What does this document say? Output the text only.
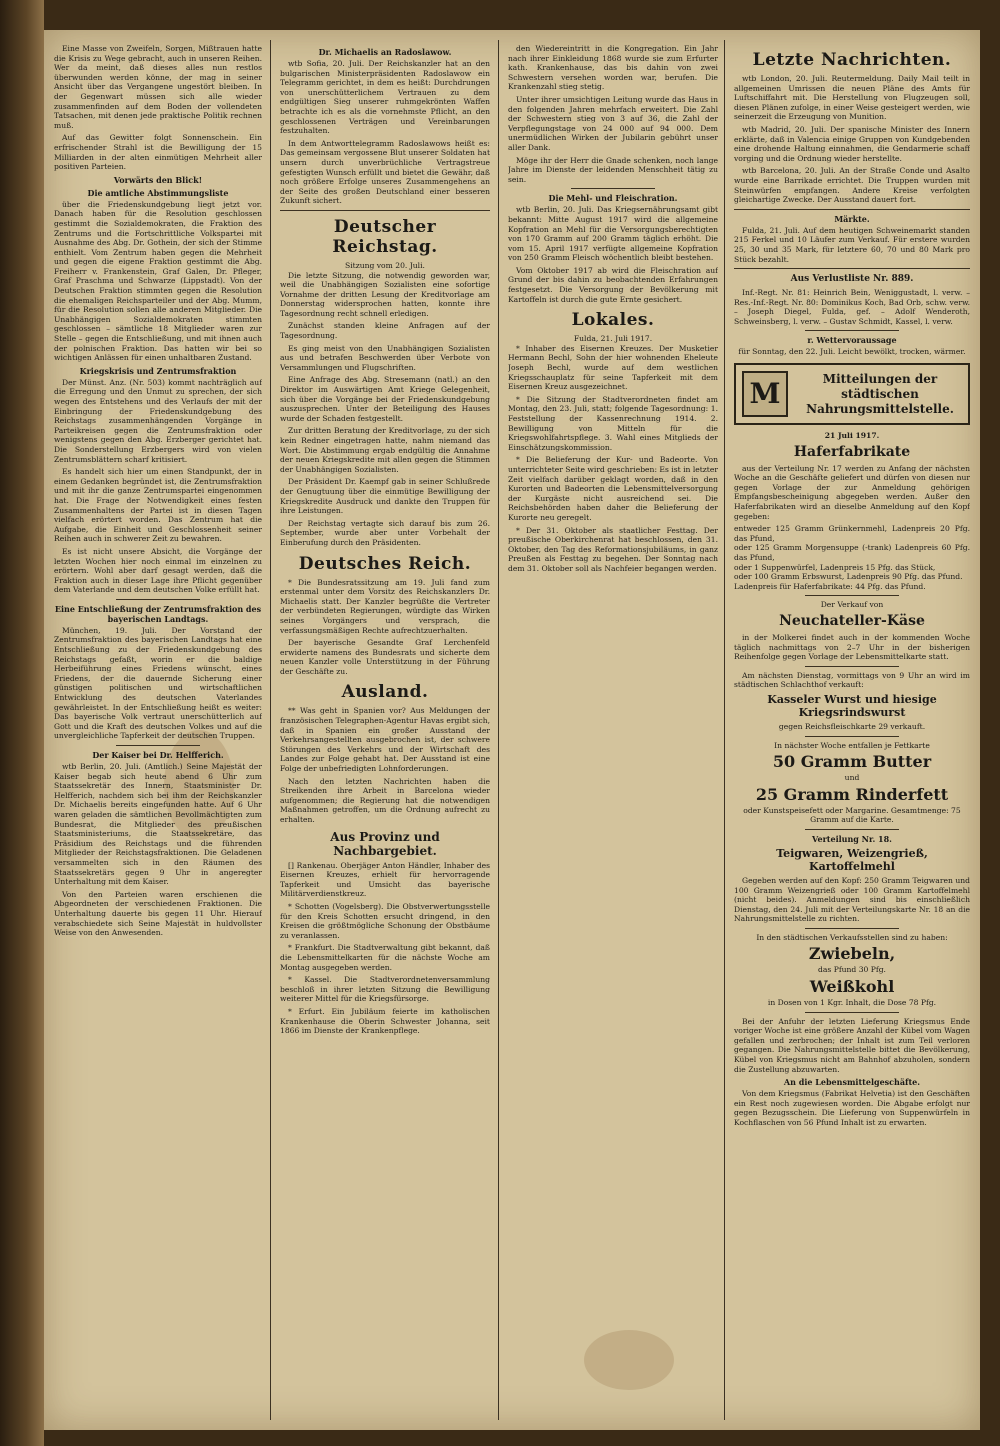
Eine Masse von Zweifeln, Sorgen, Mißtrauen hatte die Krisis zu Wege gebracht, auch in unseren Reihen. Wer da meint, daß dieses alles nun restlos überwunden werden könne, der mag in seiner Ansicht über das Vergangene ungestört bleiben. In der Gegenwart müssen sich alle wieder zusammenfinden auf dem Boden der vollendeten Tatsachen, mit denen jede praktische Politik rechnen muß.

Auf das Gewitter folgt Sonnenschein. Ein erfrischender Strahl ist die Bewilligung der 15 Milliarden in der alten einmütigen Mehrheit aller positiven Parteien.

Vorwärts den Blick!
Die amtliche Abstimmungsliste

über die Friedenskundgebung liegt jetzt vor. Danach haben für die Resolution geschlossen gestimmt die Sozialdemokraten, die Fraktion des Zentrums und die Fortschrittliche Volkspartei mit Ausnahme des Abg. Dr. Gothein, der sich der Stimme enthielt. Vom Zentrum haben gegen die Mehrheit und gegen die eigene Fraktion gestimmt die Abg. Freiherr v. Frankenstein, Graf Galen, Dr. Pfleger, Graf Praschma und Schwarze (Lippstadt). Von der Deutschen Fraktion stimmten gegen die Resolution die ehemaligen Reichsparteiler und der Abg. Mumm, für die Resolution sollen alle anderen Mitglieder. Die Unabhängigen Sozialdemokraten stimmten geschlossen – sämtliche 18 Mitglieder waren zur Stelle – gegen die Entschließung, und mit ihnen auch der polnischen Fraktion. Das hatten wir bei so wichtigen Anlässen für einen unhaltbaren Zustand.

Kriegskrisis und Zentrumsfraktion

Der Münst. Anz. (Nr. 503) kommt nachträglich auf die Erregung und den Unmut zu sprechen, der sich wegen des Entstehens und des Verlaufs der mit der Einbringung der Friedenskundgebung des Reichstags zusammenhängenden Vorgänge in Parteikreisen gegen die Zentrumsfraktion oder wenigstens gegen den Abg. Erzberger gerichtet hat. Die Sonderstellung Erzbergers wird von vielen Zentrumsblättern scharf kritisiert.

Es handelt sich hier um einen Standpunkt, der in einem Gedanken begründet ist, die Zentrumsfraktion und mit ihr die ganze Zentrumspartei eingenommen hat. Die Frage der Notwendigkeit eines festen Zusammenhaltens der Partei ist in diesen Tagen vielfach erörtert worden. Das Zentrum hat die Aufgabe, die Einheit und Geschlossenheit seiner Reihen auch in schwerer Zeit zu bewahren.

Es ist nicht unsere Absicht, die Vorgänge der letzten Wochen hier noch einmal im einzelnen zu erörtern. Wohl aber darf gesagt werden, daß die Fraktion auch in dieser Lage ihre Pflicht gegenüber dem Vaterlande und dem deutschen Volke erfüllt hat.

Eine Entschließung der Zentrumsfraktion des bayerischen Landtags.

München, 19. Juli. Der Vorstand der Zentrumsfraktion des bayerischen Landtags hat eine Entschließung zu der Friedenskundgebung des Reichstags gefaßt, worin er die baldige Herbeiführung eines Friedens wünscht, eines Friedens, der die dauernde Sicherung einer günstigen politischen und wirtschaftlichen Entwicklung des deutschen Vaterlandes gewährleistet. In der Entschließung heißt es weiter: Das bayerische Volk vertraut unerschütterlich auf Gott und die Kraft des deutschen Volkes und auf die unvergleichliche Tapferkeit der deutschen Truppen.

Der Kaiser bei Dr. Helfferich.

wtb Berlin, 20. Juli. (Amtlich.) Seine Majestät der Kaiser begab sich heute abend 6 Uhr zum Staatssekretär des Innern, Staatsminister Dr. Helfferich, nachdem sich bei ihm der Reichskanzler Dr. Michaelis bereits eingefunden hatte. Auf 6 Uhr waren geladen die sämtlichen Bevollmächtigten zum Bundesrat, die Mitglieder des preußischen Staatsministeriums, die Staatssekretäre, das Präsidium des Reichstags und die führenden Mitglieder der Reichstagsfraktionen. Die Geladenen versammelten sich in den Räumen des Staatssekretärs gegen 9 Uhr in angeregter Unterhaltung mit dem Kaiser.

Von den Parteien waren erschienen die Abgeordneten der verschiedenen Fraktionen. Die Unterhaltung dauerte bis gegen 11 Uhr. Hierauf verabschiedete sich Seine Majestät in huldvollster Weise von den Anwesenden.

Dr. Michaelis an Radoslawow.

wtb Sofia, 20. Juli. Der Reichskanzler hat an den bulgarischen Ministerpräsidenten Radoslawow ein Telegramm gerichtet, in dem es heißt: Durchdrungen von unerschütterlichem Vertrauen zu dem endgültigen Sieg unserer ruhmgekrönten Waffen betrachte ich es als die vornehmste Pflicht, an den geschlossenen Verträgen und Vereinbarungen festzuhalten.

In dem Antworttelegramm Radoslawows heißt es: Das gemeinsam vergossene Blut unserer Soldaten hat unsern durch unverbrüchliche Vertragstreue gefestigten Wunsch erfüllt und bietet die Gewähr, daß noch größere Erfolge unseres Zusammengehens an der Seite des großen Deutschland einer besseren Zukunft sichert.

Deutscher Reichstag.
Sitzung vom 20. Juli.

Die letzte Sitzung, die notwendig geworden war, weil die Unabhängigen Sozialisten eine sofortige Vornahme der dritten Lesung der Kreditvorlage am Donnerstag widersprochen hatten, konnte ihre Tagesordnung recht schnell erledigen.

Zunächst standen kleine Anfragen auf der Tagesordnung.

Es ging meist von den Unabhängigen Sozialisten aus und betrafen Beschwerden über Verbote von Versammlungen und Flugschriften.

Eine Anfrage des Abg. Stresemann (natl.) an den Direktor im Auswärtigen Amt Kriege Gelegenheit, sich über die Vorgänge bei der Friedenskundgebung auszusprechen. Unter der Beteiligung des Hauses wurde der Schaden festgestellt.

Zur dritten Beratung der Kreditvorlage, zu der sich kein Redner eingetragen hatte, nahm niemand das Wort. Die Abstimmung ergab endgültig die Annahme der neuen Kriegskredite mit allen gegen die Stimmen der Unabhängigen Sozialisten.

Der Präsident Dr. Kaempf gab in seiner Schlußrede der Genugtuung über die einmütige Bewilligung der Kriegskredite Ausdruck und dankte den Truppen für ihre Leistungen.

Der Reichstag vertagte sich darauf bis zum 26. September, wurde aber unter Vorbehalt der Einberufung durch den Präsidenten.

Deutsches Reich.

* Die Bundesratssitzung am 19. Juli fand zum erstenmal unter dem Vorsitz des Reichskanzlers Dr. Michaelis statt. Der Kanzler begrüßte die Vertreter der verbündeten Regierungen, würdigte das Wirken seines Vorgängers und versprach, die verfassungsmäßigen Rechte aufrechtzuerhalten.

Der bayerische Gesandte Graf Lerchenfeld erwiderte namens des Bundesrats und sicherte dem neuen Kanzler volle Unterstützung in der Führung der Geschäfte zu.

Ausland.

** Was geht in Spanien vor? Aus Meldungen der französischen Telegraphen-Agentur Havas ergibt sich, daß in Spanien ein großer Ausstand der Verkehrsangestellten ausgebrochen ist, der schwere Störungen des Verkehrs und der Wirtschaft des Landes zur Folge gehabt hat. Der Ausstand ist eine Folge der unbefriedigten Lohnforderungen.

Nach den letzten Nachrichten haben die Streikenden ihre Arbeit in Barcelona wieder aufgenommen; die Regierung hat die notwendigen Maßnahmen getroffen, um die Ordnung aufrecht zu erhalten.

Aus Provinz und Nachbargebiet.

[] Rankenau. Oberjäger Anton Händler, Inhaber des Eisernen Kreuzes, erhielt für hervorragende Tapferkeit und Umsicht das bayerische Militärverdienstkreuz.

* Schotten (Vogelsberg). Die Obstverwertungsstelle für den Kreis Schotten ersucht dringend, in den Kreisen die größtmögliche Schonung der Obstbäume zu veranlassen.

* Frankfurt. Die Stadtverwaltung gibt bekannt, daß die Lebensmittelkarten für die nächste Woche am Montag ausgegeben werden.

* Kassel. Die Stadtverordnetenversammlung beschloß in ihrer letzten Sitzung die Bewilligung weiterer Mittel für die Kriegsfürsorge.

* Erfurt. Ein Jubiläum feierte im katholischen Krankenhause die Oberin Schwester Johanna, seit 1866 im Dienste der Krankenpflege.

den Wiedereintritt in die Kongregation. Ein Jahr nach ihrer Einkleidung 1868 wurde sie zum Erfurter kath. Krankenhause, das bis dahin von zwei Schwestern versehen worden war, berufen. Die Krankenzahl stieg stetig.

Unter ihrer umsichtigen Leitung wurde das Haus in den folgenden Jahren mehrfach erweitert. Die Zahl der Schwestern stieg von 3 auf 36, die Zahl der Verpflegungstage von 24 000 auf 94 000. Dem unermüdlichen Wirken der Jubilarin gebührt unser aller Dank.

Möge ihr der Herr die Gnade schenken, noch lange Jahre im Dienste der leidenden Menschheit tätig zu sein.

Die Mehl- und Fleischration.

wtb Berlin, 20. Juli. Das Kriegsernährungsamt gibt bekannt: Mitte August 1917 wird die allgemeine Kopfration an Mehl für die Versorgungsberechtigten von 170 Gramm auf 200 Gramm täglich erhöht. Die vom 15. April 1917 verfügte allgemeine Kopfration von 250 Gramm Fleisch wöchentlich bleibt bestehen.

Vom Oktober 1917 ab wird die Fleischration auf Grund der bis dahin zu beobachtenden Erfahrungen festgesetzt. Die Versorgung der Bevölkerung mit Kartoffeln ist durch die gute Ernte gesichert.

Lokales.
Fulda, 21. Juli 1917.

* Inhaber des Eisernen Kreuzes. Der Musketier Hermann Bechl, Sohn der hier wohnenden Eheleute Joseph Bechl, wurde auf dem westlichen Kriegsschauplatz für seine Tapferkeit mit dem Eisernen Kreuz ausgezeichnet.

* Die Sitzung der Stadtverordneten findet am Montag, den 23. Juli, statt; folgende Tagesordnung: 1. Feststellung der Kassenrechnung 1914. 2. Bewilligung von Mitteln für die Kriegswohlfahrtspflege. 3. Wahl eines Mitglieds der Einschätzungskommission.

* Die Belieferung der Kur- und Badeorte. Von unterrichteter Seite wird geschrieben: Es ist in letzter Zeit vielfach darüber geklagt worden, daß in den Kurorten und Badeorten die Lebensmittelversorgung der Kurgäste nicht ausreichend sei. Die Reichsbehörden haben daher die Belieferung der Kurorte neu geregelt.

* Der 31. Oktober als staatlicher Festtag. Der preußische Oberkirchenrat hat beschlossen, den 31. Oktober, den Tag des Reformationsjubiläums, in ganz Preußen als Festtag zu begehen. Der Sonntag nach dem 31. Oktober soll als Nachfeier begangen werden.

Letzte Nachrichten.

wtb London, 20. Juli. Reutermeldung. Daily Mail teilt in allgemeinen Umrissen die neuen Pläne des Amts für Luftschiffahrt mit. Die Herstellung von Flugzeugen soll, diesen Plänen zufolge, in einer Weise gesteigert werden, wie seinerzeit die Erzeugung von Munition.

wtb Madrid, 20. Juli. Der spanische Minister des Innern erklärte, daß in Valencia einige Gruppen von Kundgebenden eine drohende Haltung einnahmen, die Gendarmerie schaff vorging und die Ordnung wieder herstellte.

wtb Barcelona, 20. Juli. An der Straße Conde und Asalto wurde eine Barrikade errichtet. Die Truppen wurden mit Steinwürfen empfangen. Andere Kreise verfolgten gleichartige Zwecke. Der Ausstand dauert fort.

Märkte.

Fulda, 21. Juli. Auf dem heutigen Schweinemarkt standen 215 Ferkel und 10 Läufer zum Verkauf. Für erstere wurden 25, 30 und 35 Mark, für letztere 60, 70 und 80 Mark pro Stück bezahlt.

Aus Verlustliste Nr. 889.

Inf.-Regt. Nr. 81: Heinrich Bein, Weniggustadt, l. verw. – Res.-Inf.-Regt. Nr. 80: Dominikus Koch, Bad Orb, schw. verw. – Joseph Diegel, Fulda, gef. – Adolf Wenderoth, Schweinsberg, l. verw. – Gustav Schmidt, Kassel, l. verw.

r. Wettervoraussage
für Sonntag, den 22. Juli. Leicht bewölkt, trocken, wärmer.
M	Mitteilungen der städtischen Nahrungsmittelstelle.
21 Juli 1917.
Haferfabrikate

aus der Verteilung Nr. 17 werden zu Anfang der nächsten Woche an die Geschäfte geliefert und dürfen von diesen nur gegen Vorlage der zur Anmeldung gehörigen Empfangsbescheinigung abgegeben werden. Außer den Haferfabrikaten wird an dieselbe Anmeldung auf den Kopf gegeben:

entweder 125 Gramm Grünkernmehl, Ladenpreis 20 Pfg. das Pfund,
oder 125 Gramm Morgensuppe (-trank) Ladenpreis 60 Pfg. das Pfund,
oder 1 Suppenwürfel, Ladenpreis 15 Pfg. das Stück,
oder 100 Gramm Erbswurst, Ladenpreis 90 Pfg. das Pfund.
Ladenpreis für Haferfabrikate: 44 Pfg. das Pfund.
Der Verkauf von
Neuchateller-Käse

in der Molkerei findet auch in der kommenden Woche täglich nachmittags von 2–7 Uhr in der bisherigen Reihenfolge gegen Vorlage der Lebensmittelkarte statt.

Am nächsten Dienstag, vormittags von 9 Uhr an wird im städtischen Schlachthof verkauft:

Kasseler Wurst und hiesige Kriegsrindswurst
gegen Reichsfleischkarte 29 verkauft.
In nächster Woche entfallen je Fettkarte
50 Gramm Butter
und
25 Gramm Rinderfett
oder Kunstspeisefett oder Margarine. Gesamtmenge: 75 Gramm auf die Karte.
Verteilung Nr. 18.
Teigwaren, Weizengrieß, Kartoffelmehl

Gegeben werden auf den Kopf: 250 Gramm Teigwaren und 100 Gramm Weizengrieß oder 100 Gramm Kartoffelmehl (nicht beides). Anmeldungen sind bis einschließlich Dienstag, den 24. Juli mit der Verteilungskarte Nr. 18 an die Nahrungsmittelstelle zu richten.

In den städtischen Verkaufsstellen sind zu haben:
Zwiebeln,
das Pfund 30 Pfg.
Weißkohl
in Dosen von 1 Kgr. Inhalt, die Dose 78 Pfg.

Bei der Anfuhr der letzten Lieferung Kriegsmus Ende voriger Woche ist eine größere Anzahl der Kübel vom Wagen gefallen und zerbrochen; der Inhalt ist zum Teil verloren gegangen. Die Nahrungsmittelstelle bittet die Bevölkerung, Kübel von Kriegsmus nicht am Bahnhof abzuholen, sondern die Zustellung abzuwarten.

An die Lebensmittelgeschäfte.

Von dem Kriegsmus (Fabrikat Helvetia) ist den Geschäften ein Rest noch zugewiesen worden. Die Abgabe erfolgt nur gegen Bezugsschein. Die Lieferung von Suppenwürfeln in Kochflaschen von 56 Pfund Inhalt ist zu erwarten.
